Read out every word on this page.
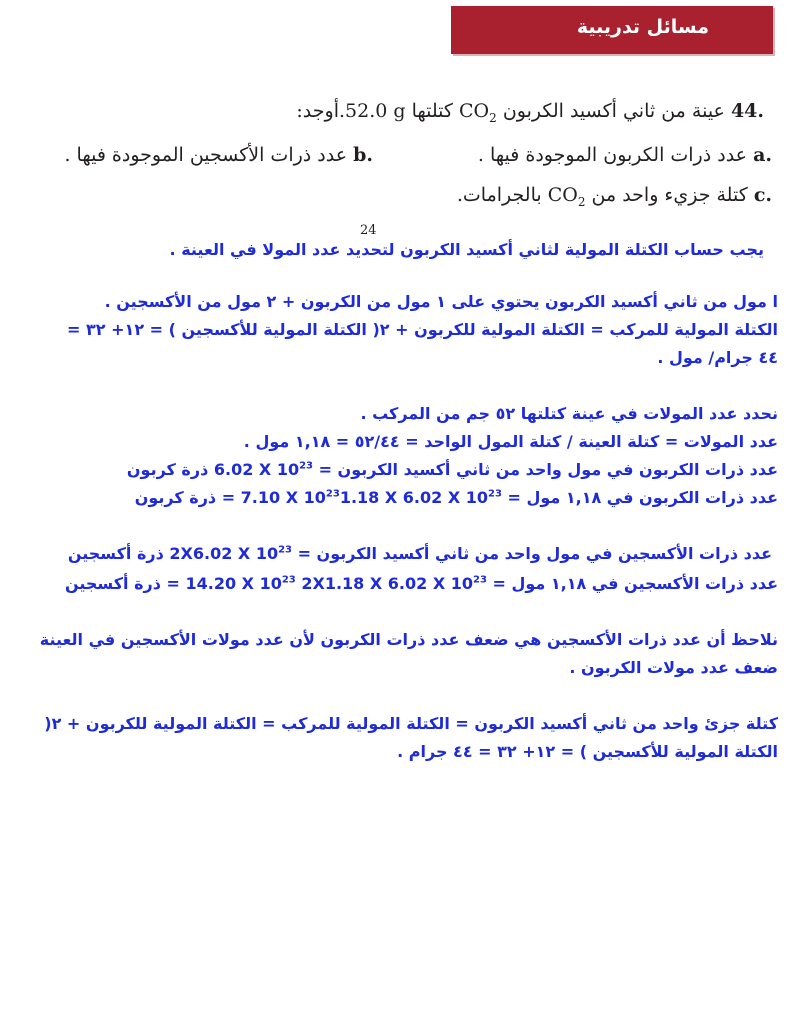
مسائل تدريبية
44. عينة من ثاني أكسيد الكربون $CO_2$ كتلتها 52.0 g.أوجد:
a. عدد ذرات الكربون الموجودة فيها .
b. عدد ذرات الأكسجين الموجودة فيها .
c. كتلة جزيء واحد من $CO_2$ بالجرامات.
24
يجب حساب الكتلة المولية لثاني أكسيد الكربون لتحديد عدد المولا في العينة .
ا مول من ثاني أكسيد الكربون يحتوي على ١ مول من الكربون + ٢ مول من الأكسجين .
الكتلة المولية للمركب = الكتلة المولية للكربون + ٢( الكتلة المولية للأكسجين ) = ١٢+ ٣٢ =
٤٤ جرام/ مول .
نحدد عدد المولات في عينة كتلتها ٥٢ جم من المركب .
عدد المولات = كتلة العينة / كتلة المول الواحد = ٥٢/٤٤ = ١,١٨ مول .
عدد ذرات الكربون في مول واحد من ثاني أكسيد الكربون = 6.02 X $10^{23}$ ذرة كربون
عدد ذرات الكربون في ١,١٨ مول = 1.18 X 6.02 X $10^{23}= 7.10$ X $10^{23}$ ذرة كربون
عدد ذرات الأكسجين في مول واحد من ثاني أكسيد الكربون = 2X6.02 X $10^{23}$ ذرة أكسجين
عدد ذرات الأكسجين في ١,١٨ مول = 2X1.18 X 6.02 X $10^{23} = 14.20$ X $10^{23}$ ذرة أكسجين
نلاحظ أن عدد ذرات الأكسجين هي ضعف عدد ذرات الكربون لأن عدد مولات الأكسجين في العينة
ضعف عدد مولات الكربون .
كتلة جزئ واحد من ثاني أكسيد الكربون = الكتلة المولية للمركب = الكتلة المولية للكربون + ٢(
الكتلة المولية للأكسجين ) = ١٢+ ٣٢ = ٤٤ جرام .
